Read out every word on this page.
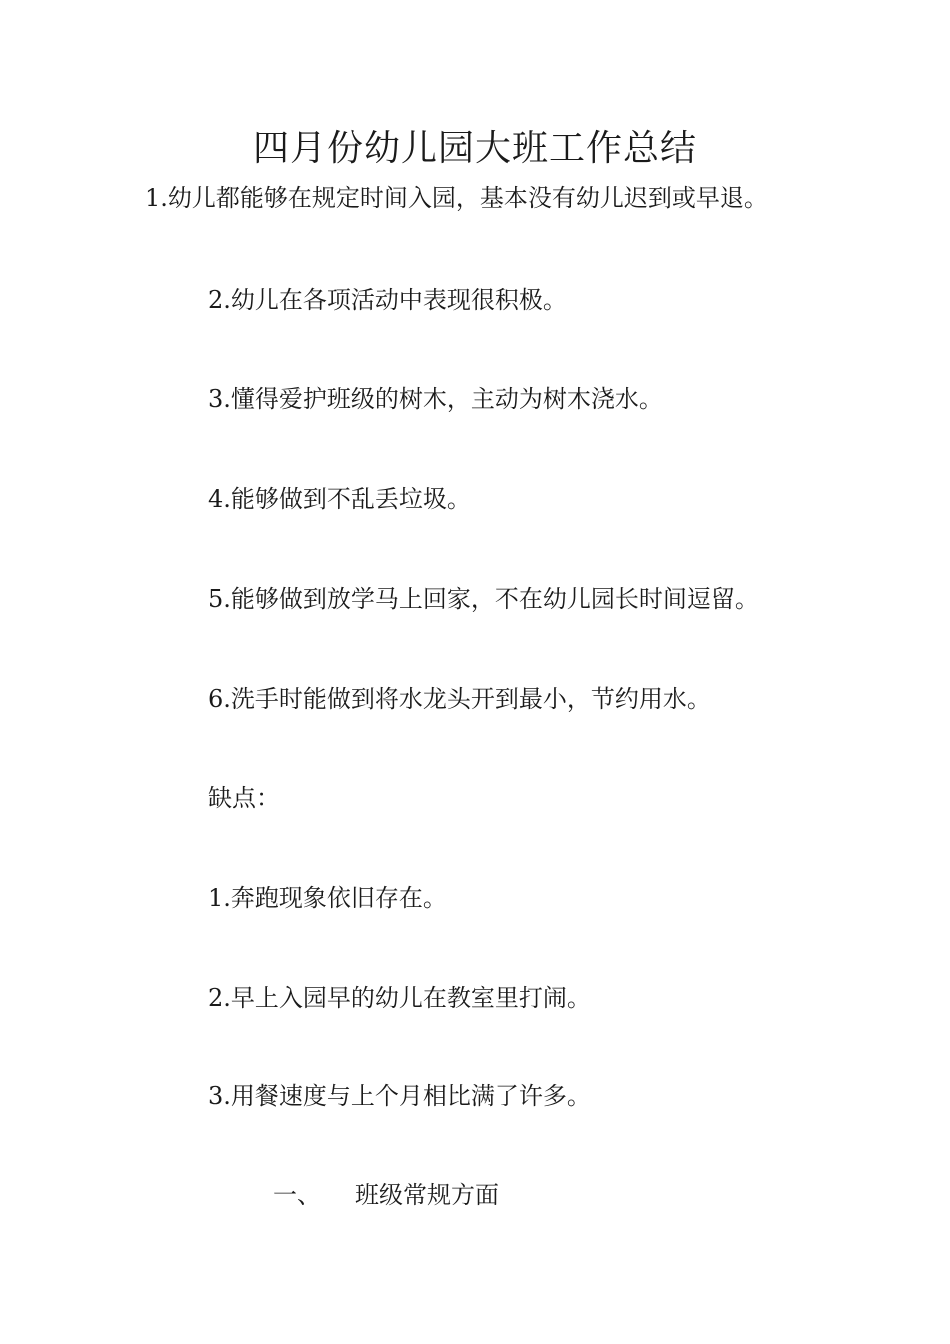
四月份幼儿园大班工作总结

1.幼儿都能够在规定时间入园，基本没有幼儿迟到或早退。

2.幼儿在各项活动中表现很积极。

3.懂得爱护班级的树木，主动为树木浇水。

4.能够做到不乱丢垃圾。

5.能够做到放学马上回家，不在幼儿园长时间逗留。

6.洗手时能做到将水龙头开到最小，节约用水。

缺点：

1.奔跑现象依旧存在。

2.早上入园早的幼儿在教室里打闹。

3.用餐速度与上个月相比满了许多。

一、 班级常规方面
